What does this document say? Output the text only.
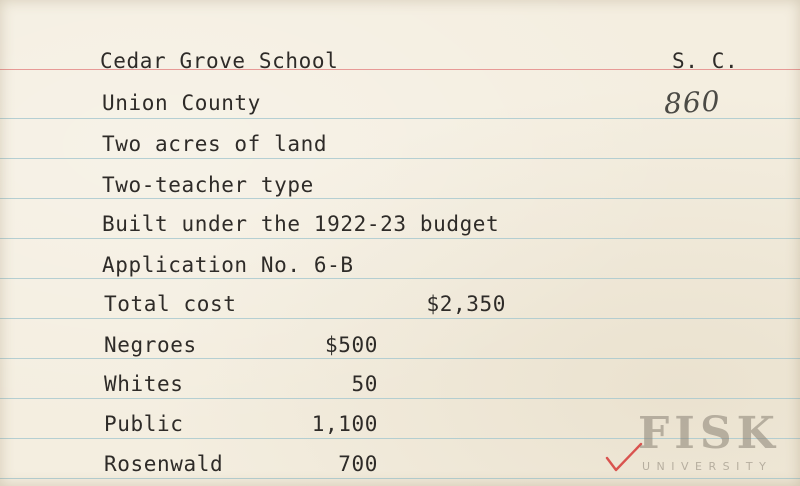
Cedar Grove School	S. C.
860
Union County
Two acres of land
Two-teacher type
Built under the 1922-23 budget
Application No. 6-B
Total cost	$2,350
Negroes	$500
Whites	50
Public	1,100
Rosenwald	700
FISK
UNIVERSITY
